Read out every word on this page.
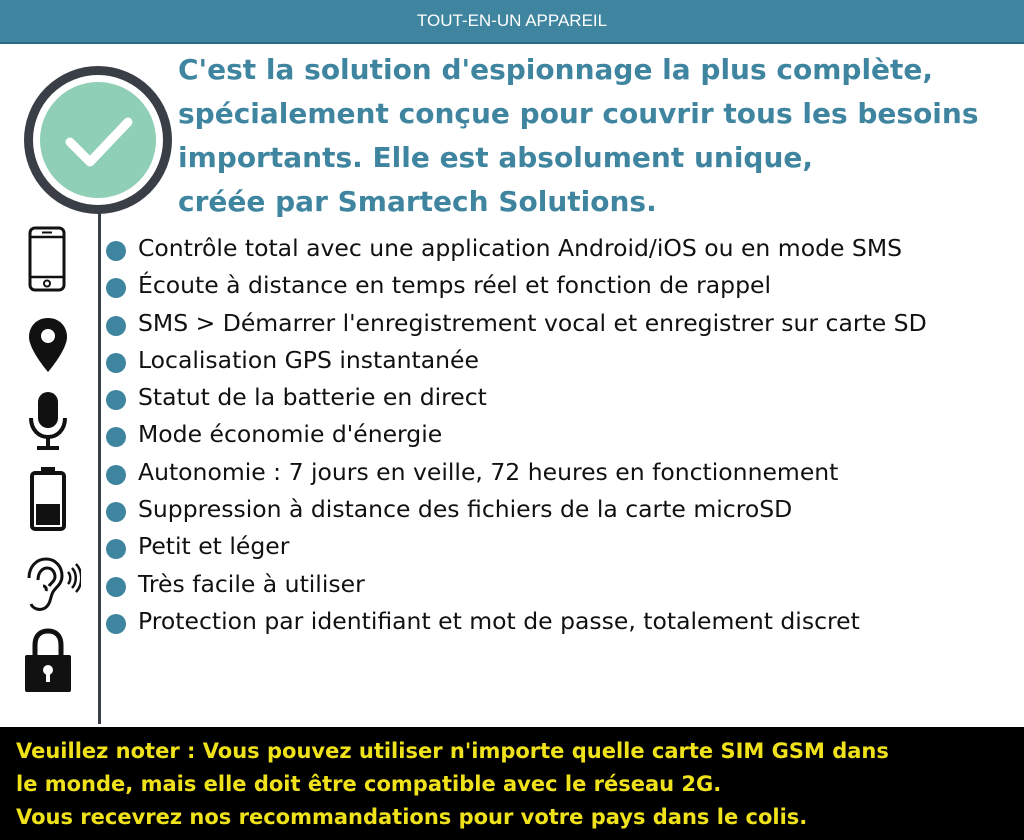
TOUT-EN-UN APPAREIL
C'est la solution d'espionnage la plus complète,
spécialement conçue pour couvrir tous les besoins
importants. Elle est absolument unique,
créée par Smartech Solutions.
Contrôle total avec une application Android/iOS ou en mode SMS
Écoute à distance en temps réel et fonction de rappel
SMS > Démarrer l'enregistrement vocal et enregistrer sur carte SD
Localisation GPS instantanée
Statut de la batterie en direct
Mode économie d'énergie
Autonomie : 7 jours en veille, 72 heures en fonctionnement
Suppression à distance des fichiers de la carte microSD
Petit et léger
Très facile à utiliser
Protection par identifiant et mot de passe, totalement discret
Veuillez noter : Vous pouvez utiliser n'importe quelle carte SIM GSM dans
le monde, mais elle doit être compatible avec le réseau 2G.
Vous recevrez nos recommandations pour votre pays dans le colis.
